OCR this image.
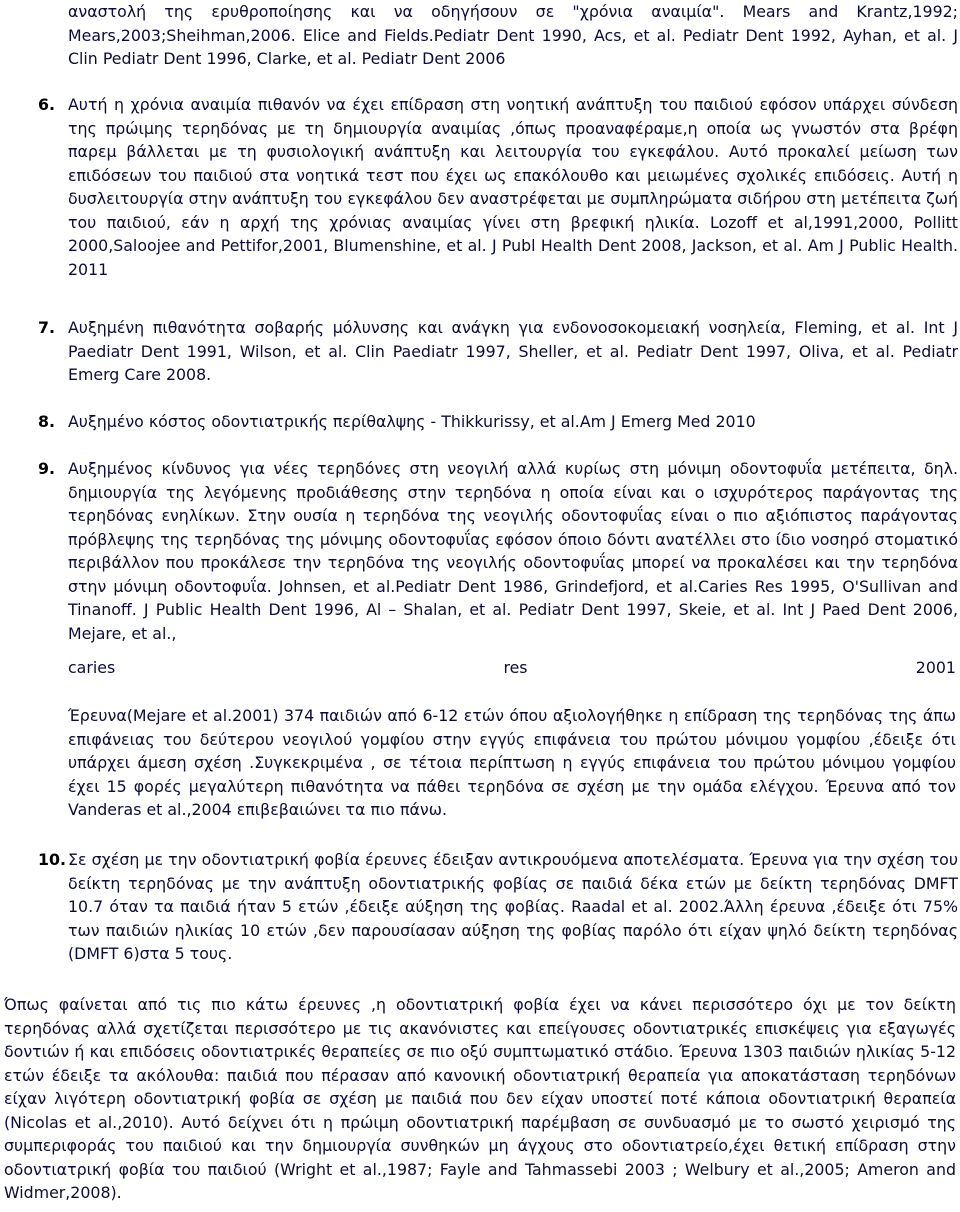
αναστολή της ερυθροποίησης και να οδηγήσουν σε "χρόνια αναιμία". Mears and Krantz,1992; Mears,2003;Sheihman,2006. Elice and Fields.Pediatr Dent 1990, Acs, et al. Pediatr Dent 1992, Ayhan, et al. J Clin Pediatr Dent 1996, Clarke, et al. Pediatr Dent 2006

6. Αυτή η χρόνια αναιμία πιθανόν να έχει επίδραση στη νοητική ανάπτυξη του παιδιού εφόσον υπάρχει σύνδεση της πρώιμης τερηδόνας με τη δημιουργία αναιμίας ,όπως προαναφέραμε,η οποία ως γνωστόν στα βρέφη παρεμ βάλλεται με τη φυσιολογική ανάπτυξη και λειτουργία του εγκεφάλου. Αυτό προκαλεί μείωση των επιδόσεων του παιδιού στα νοητικά τεστ που έχει ως επακόλουθο και μειωμένες σχολικές επιδόσεις. Αυτή η δυσλειτουργία στην ανάπτυξη του εγκεφάλου δεν αναστρέφεται με συμπληρώματα σιδήρου στη μετέπειτα ζωή του παιδιού, εάν η αρχή της χρόνιας αναιμίας γίνει στη βρεφική ηλικία. Lozoff et al,1991,2000, Pollitt 2000,Saloojee and Pettifor,2001, Blumenshine, et al. J Publ Health Dent 2008, Jackson, et al. Am J Public Health. 2011

7. Αυξημένη πιθανότητα σοβαρής μόλυνσης και ανάγκη για ενδονοσοκομειακή νοσηλεία, Fleming, et al. Int J Paediatr Dent 1991, Wilson, et al. Clin Paediatr 1997, Sheller, et al. Pediatr Dent 1997, Oliva, et al. Pediatr Emerg Care 2008.

8. Αυξημένο κόστος οδοντιατρικής περίθαλψης - Thikkurissy, et al.Am J Emerg Med 2010

9. Αυξημένος κίνδυνος για νέες τερηδόνες στη νεογιλή αλλά κυρίως στη μόνιμη οδοντοφυΐα μετέπειτα, δηλ. δημιουργία της λεγόμενης προδιάθεσης στην τερηδόνα η οποία είναι και ο ισχυρότερος παράγοντας της τερηδόνας ενηλίκων. Στην ουσία η τερηδόνα της νεογιλής οδοντοφυΐας είναι ο πιο αξιόπιστος παράγοντας πρόβλεψης της τερηδόνας της μόνιμης οδοντοφυΐας εφόσον όποιο δόντι ανατέλλει στο ίδιο νοσηρό στοματικό περιβάλλον που προκάλεσε την τερηδόνα της νεογιλής οδοντοφυΐας μπορεί να προκαλέσει και την τερηδόνα στην μόνιμη οδοντοφυΐα. Johnsen, et al.Pediatr Dent 1986, Grindefjord, et al.Caries Res 1995, O'Sullivan and Tinanoff. J Public Health Dent 1996, Al – Shalan, et al. Pediatr Dent 1997, Skeie, et al. Int J Paed Dent 2006, Mejare, et al.,

caries	res	2001

Έρευνα(Mejare et al.2001) 374 παιδιών από 6-12 ετών όπου αξιολογήθηκε η επίδραση της τερηδόνας της άπω επιφάνειας του δεύτερου νεογιλού γομφίου στην εγγύς επιφάνεια του πρώτου μόνιμου γομφίου ,έδειξε ότι υπάρχει άμεση σχέση .Συγκεκριμένα , σε τέτοια περίπτωση η εγγύς επιφάνεια του πρώτου μόνιμου γομφίου έχει 15 φορές μεγαλύτερη πιθανότητα να πάθει τερηδόνα σε σχέση με την ομάδα ελέγχου. Έρευνα από τον Vanderas et al.,2004 επιβεβαιώνει τα πιο πάνω.

10. Σε σχέση με την οδοντιατρική φοβία έρευνες έδειξαν αντικρουόμενα αποτελέσματα. Έρευνα για την σχέση του δείκτη τερηδόνας με την ανάπτυξη οδοντιατρικής φοβίας σε παιδιά δέκα ετών με δείκτη τερηδόνας DMFT 10.7 όταν τα παιδιά ήταν 5 ετών ,έδειξε αύξηση της φοβίας. Raadal et al. 2002.Άλλη έρευνα ,έδειξε ότι 75% των παιδιών ηλικίας 10 ετών ,δεν παρουσίασαν αύξηση της φοβίας παρόλο ότι είχαν ψηλό δείκτη τερηδόνας (DMFT 6)στα 5 τους.

Όπως φαίνεται από τις πιο κάτω έρευνες ,η οδοντιατρική φοβία έχει να κάνει περισσότερο όχι με τον δείκτη τερηδόνας αλλά σχετίζεται περισσότερο με τις ακανόνιστες και επείγουσες οδοντιατρικές επισκέψεις για εξαγωγές δοντιών ή και επιδόσεις οδοντιατρικές θεραπείες σε πιο οξύ συμπτωματικό στάδιο. Έρευνα 1303 παιδιών ηλικίας 5-12 ετών έδειξε τα ακόλουθα: παιδιά που πέρασαν από κανονική οδοντιατρική θεραπεία για αποκατάσταση τερηδόνων είχαν λιγότερη οδοντιατρική φοβία σε σχέση με παιδιά που δεν είχαν υποστεί ποτέ κάποια οδοντιατρική θεραπεία (Nicolas et al.,2010). Αυτό δείχνει ότι η πρώιμη οδοντιατρική παρέμβαση σε συνδυασμό με το σωστό χειρισμό της συμπεριφοράς του παιδιού και την δημιουργία συνθηκών μη άγχους στο οδοντιατρείο,έχει θετική επίδραση στην οδοντιατρική φοβία του παιδιού (Wright et al.,1987; Fayle and Tahmassebi 2003 ; Welbury et al.,2005; Ameron and Widmer,2008).
